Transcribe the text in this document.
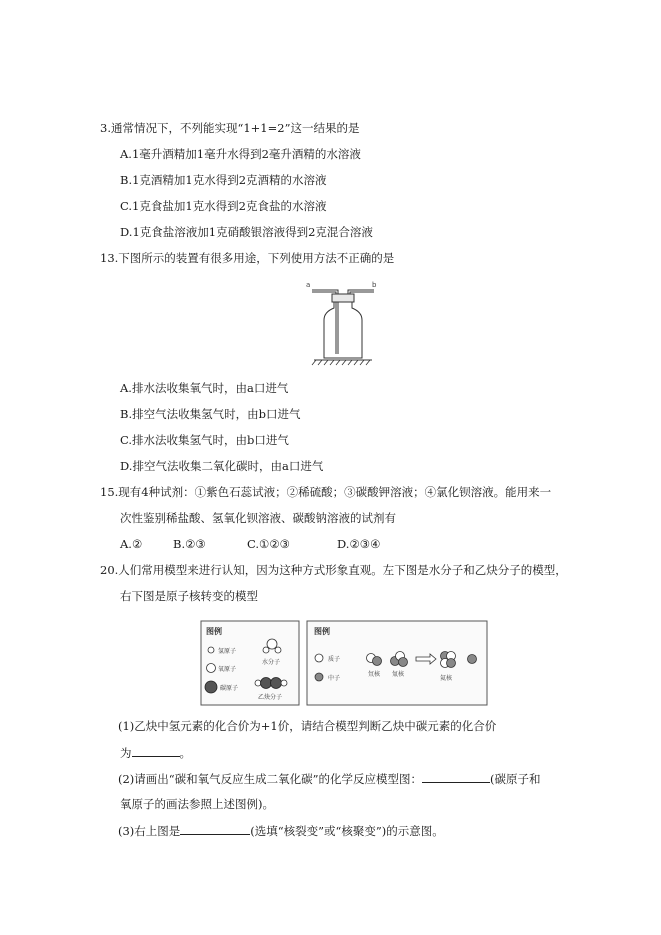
3.通常情况下，不列能实现“1+1=2”这一结果的是
A.1毫升酒精加1毫升水得到2毫升酒精的水溶液
B.1克酒精加1克水得到2克酒精的水溶液
C.1克食盐加1克水得到2克食盐的水溶液
D.1克食盐溶液加1克硝酸银溶液得到2克混合溶液
13.下图所示的装置有很多用途，下列使用方法不正确的是
a	b
A.排水法收集氧气时，由a口进气
B.排空气法收集氢气时，由b口进气
C.排水法收集氢气时，由b口进气
D.排空气法收集二氧化碳时，由a口进气
15.现有4种试剂：①紫色石蕊试液；②稀硫酸；③碳酸钾溶液；④氯化钡溶液。能用来一
次性鉴别稀盐酸、氢氧化钡溶液、碳酸钠溶液的试剂有
A.②	B.②③	C.①②③	D.②③④
20.人们常用模型来进行认知，因为这种方式形象直观。左下图是水分子和乙炔分子的模型，
右下图是原子核转变的模型
图例
氢原子
氧原子
碳原子
水分子
乙炔分子
图例
质子
中子
氘核 氚核
氦核
(1)乙炔中氢元素的化合价为+1价，请结合模型判断乙炔中碳元素的化合价
为	。
(2)请画出“碳和氧气反应生成二氧化碳”的化学反应模型图：	(碳原子和
氧原子的画法参照上述图例)。
(3)右上图是	(选填“核裂变”或“核聚变”)的示意图。
